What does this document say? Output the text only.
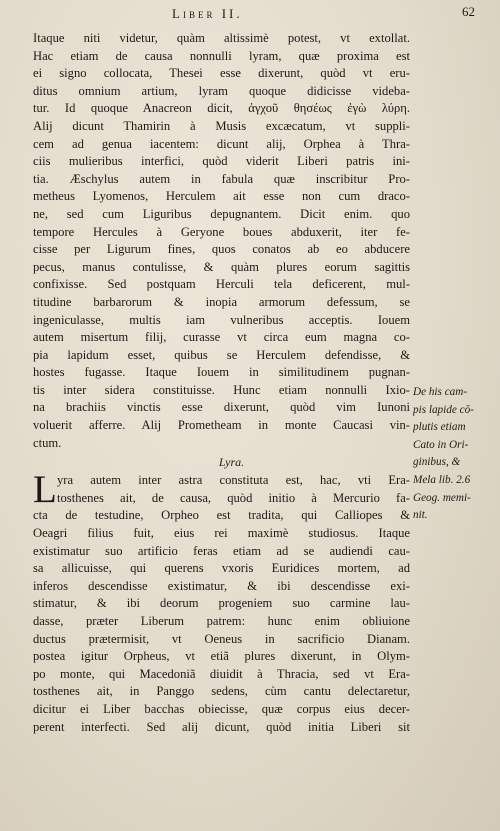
Liber II.	62
Itaque niti videtur, quàm altissimè potest, vt extollat.
Hac etiam de causa nonnulli lyram, quæ proxima est
ei signo collocata, Thesei esse dixerunt, quòd vt eru-
ditus omnium artium, lyram quoque didicisse videba-
tur. Id quoque Anacreon dicit, ἀγχοῦ θησέως ἐγὼ λύρη.
Alij dicunt Thamirin à Musis excæcatum, vt suppli-
cem ad genua iacentem: dicunt alij, Orphea à Thra-
ciis mulieribus interfici, quòd viderit Liberi patris ini-
tia. Æschylus autem in fabula quæ inscribitur Pro-
metheus Lyomenos, Herculem ait esse non cum draco-
ne, sed cum Liguribus depugnantem. Dicit enim. quo
tempore Hercules à Geryone boues abduxerit, iter fe-
cisse per Ligurum fines, quos conatos ab eo abducere
pecus, manus contulisse, & quàm plures eorum sagittis
confixisse. Sed postquam Herculi tela deficerent, mul-
titudine barbarorum & inopia armorum defessum, se
ingeniculasse, multis iam vulneribus acceptis. Iouem
autem misertum filij, curasse vt circa eum magna co-
pia lapidum esset, quibus se Herculem defendisse, &
hostes fugasse. Itaque Iouem in similitudinem pugnan-
tis inter sidera constituisse. Hunc etiam nonnulli Ixio-
na brachiis vinctis esse dixerunt, quòd vim Iunoni
voluerit afferre. Alij Prometheam in monte Caucasi vin-
ctum.
Lyra.
L yra autem inter astra constituta est, hac, vti Era-
tosthenes ait, de causa, quòd initio à Mercurio fa-
cta de testudine, Orpheo est tradita, qui Calliopes &
Oeagri filius fuit, eius rei maximè studiosus. Itaque
existimatur suo artificio feras etiam ad se audiendi cau-
sa allicuisse, qui querens vxoris Euridices mortem, ad
inferos descendisse existimatur, & ibi descendisse exi-
stimatur, & ibi deorum progeniem suo carmine lau-
dasse, præter Liberum patrem: hunc enim obliuione
ductus prætermisit, vt Oeneus in sacrificio Dianam.
postea igitur Orpheus, vt etiã plures dixerunt, in Olym-
po monte, qui Macedoniã diuidit à Thracia, sed vt Era-
tosthenes ait, in Panggo sedens, cùm cantu delectaretur,
dicitur ei Liber bacchas obiecisse, quæ corpus eius decer-
perent interfecti. Sed alij dicunt, quòd initia Liberi sit
De his cam-
pis lapide cō-
plutis etiam
Cato in Ori-
ginibus, &
Mela lib. 2.6
Geog. memi-
nit.
